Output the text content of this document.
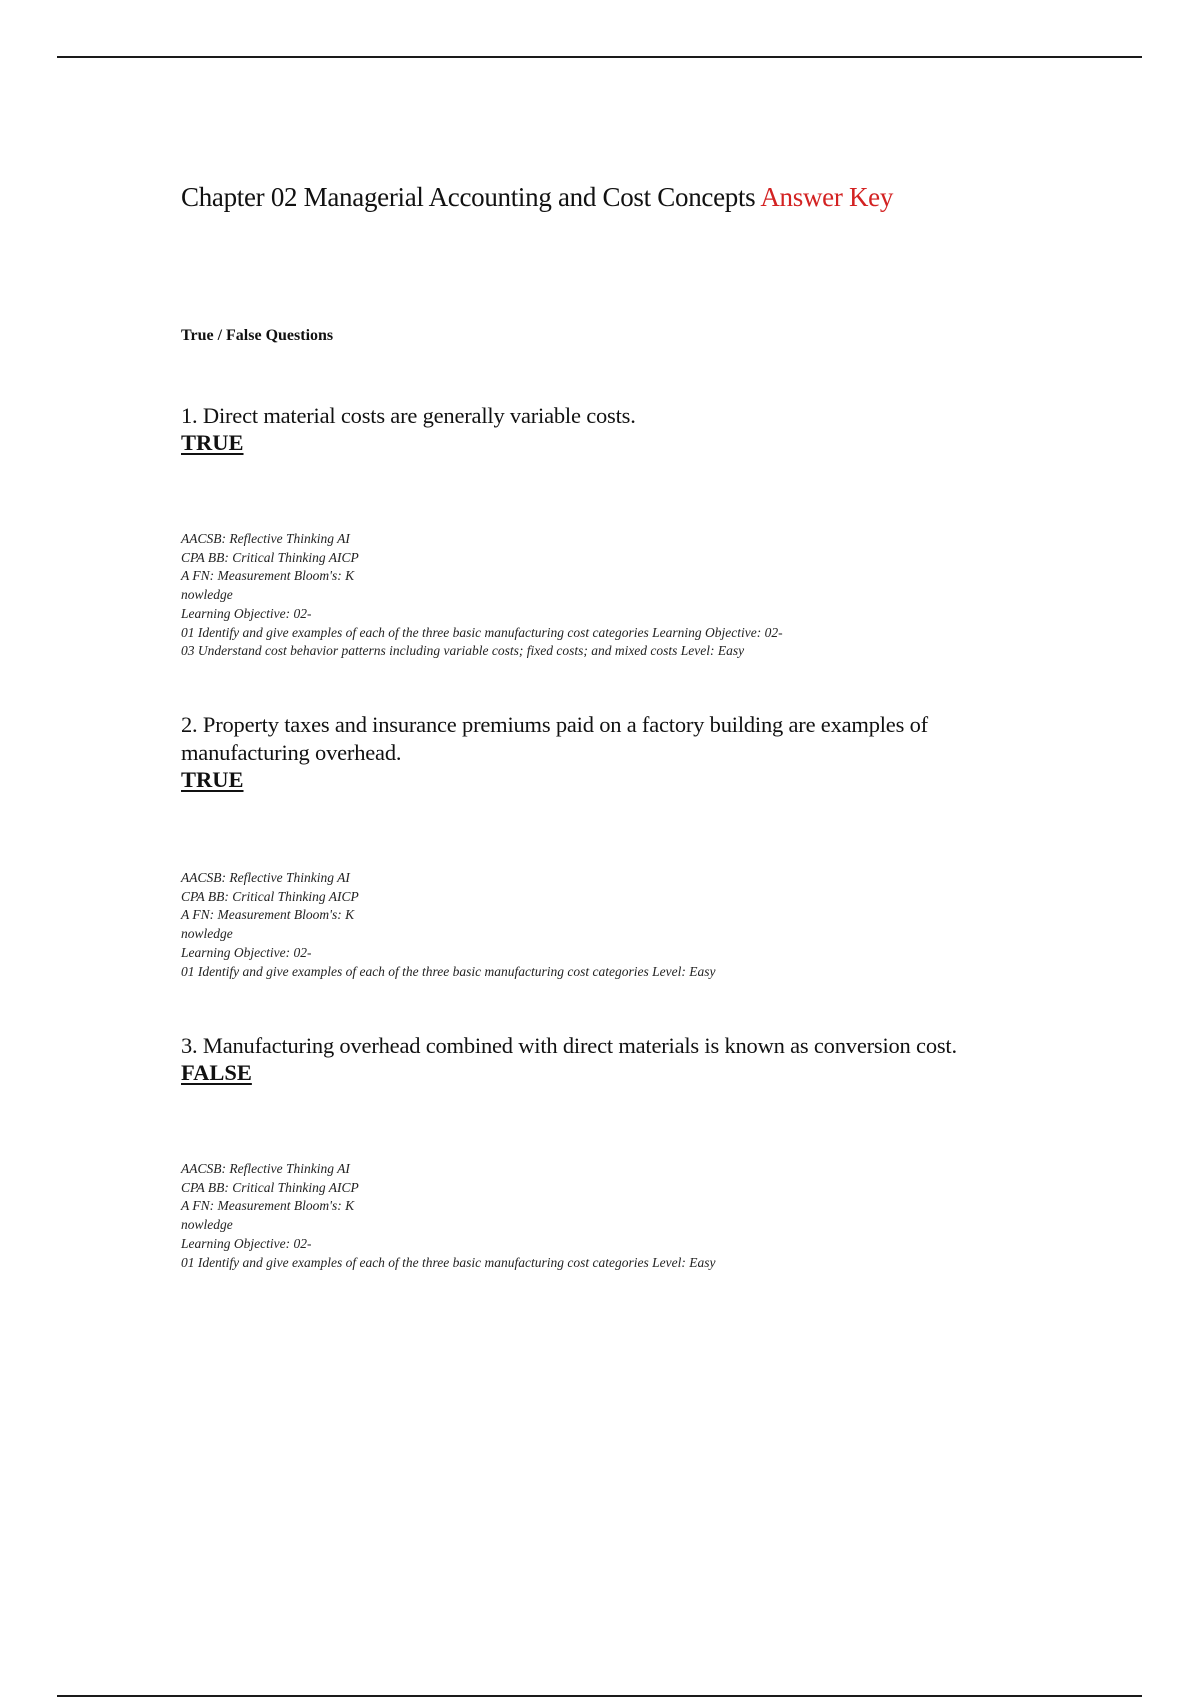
Chapter 02 Managerial Accounting and Cost Concepts Answer Key
True / False Questions
1. Direct material costs are generally variable costs.
TRUE
AACSB: Reflective Thinking AI
CPA BB: Critical Thinking AICP
A FN: Measurement Bloom's: K
nowledge
Learning Objective: 02-
01 Identify and give examples of each of the three basic manufacturing cost categories Learning Objective: 02-
03 Understand cost behavior patterns including variable costs; fixed costs; and mixed costs Level: Easy
2. Property taxes and insurance premiums paid on a factory building are examples of manufacturing overhead.
TRUE
AACSB: Reflective Thinking AI
CPA BB: Critical Thinking AICP
A FN: Measurement Bloom's: K
nowledge
Learning Objective: 02-
01 Identify and give examples of each of the three basic manufacturing cost categories Level: Easy
3. Manufacturing overhead combined with direct materials is known as conversion cost.
FALSE
AACSB: Reflective Thinking AI
CPA BB: Critical Thinking AICP
A FN: Measurement Bloom's: K
nowledge
Learning Objective: 02-
01 Identify and give examples of each of the three basic manufacturing cost categories Level: Easy
